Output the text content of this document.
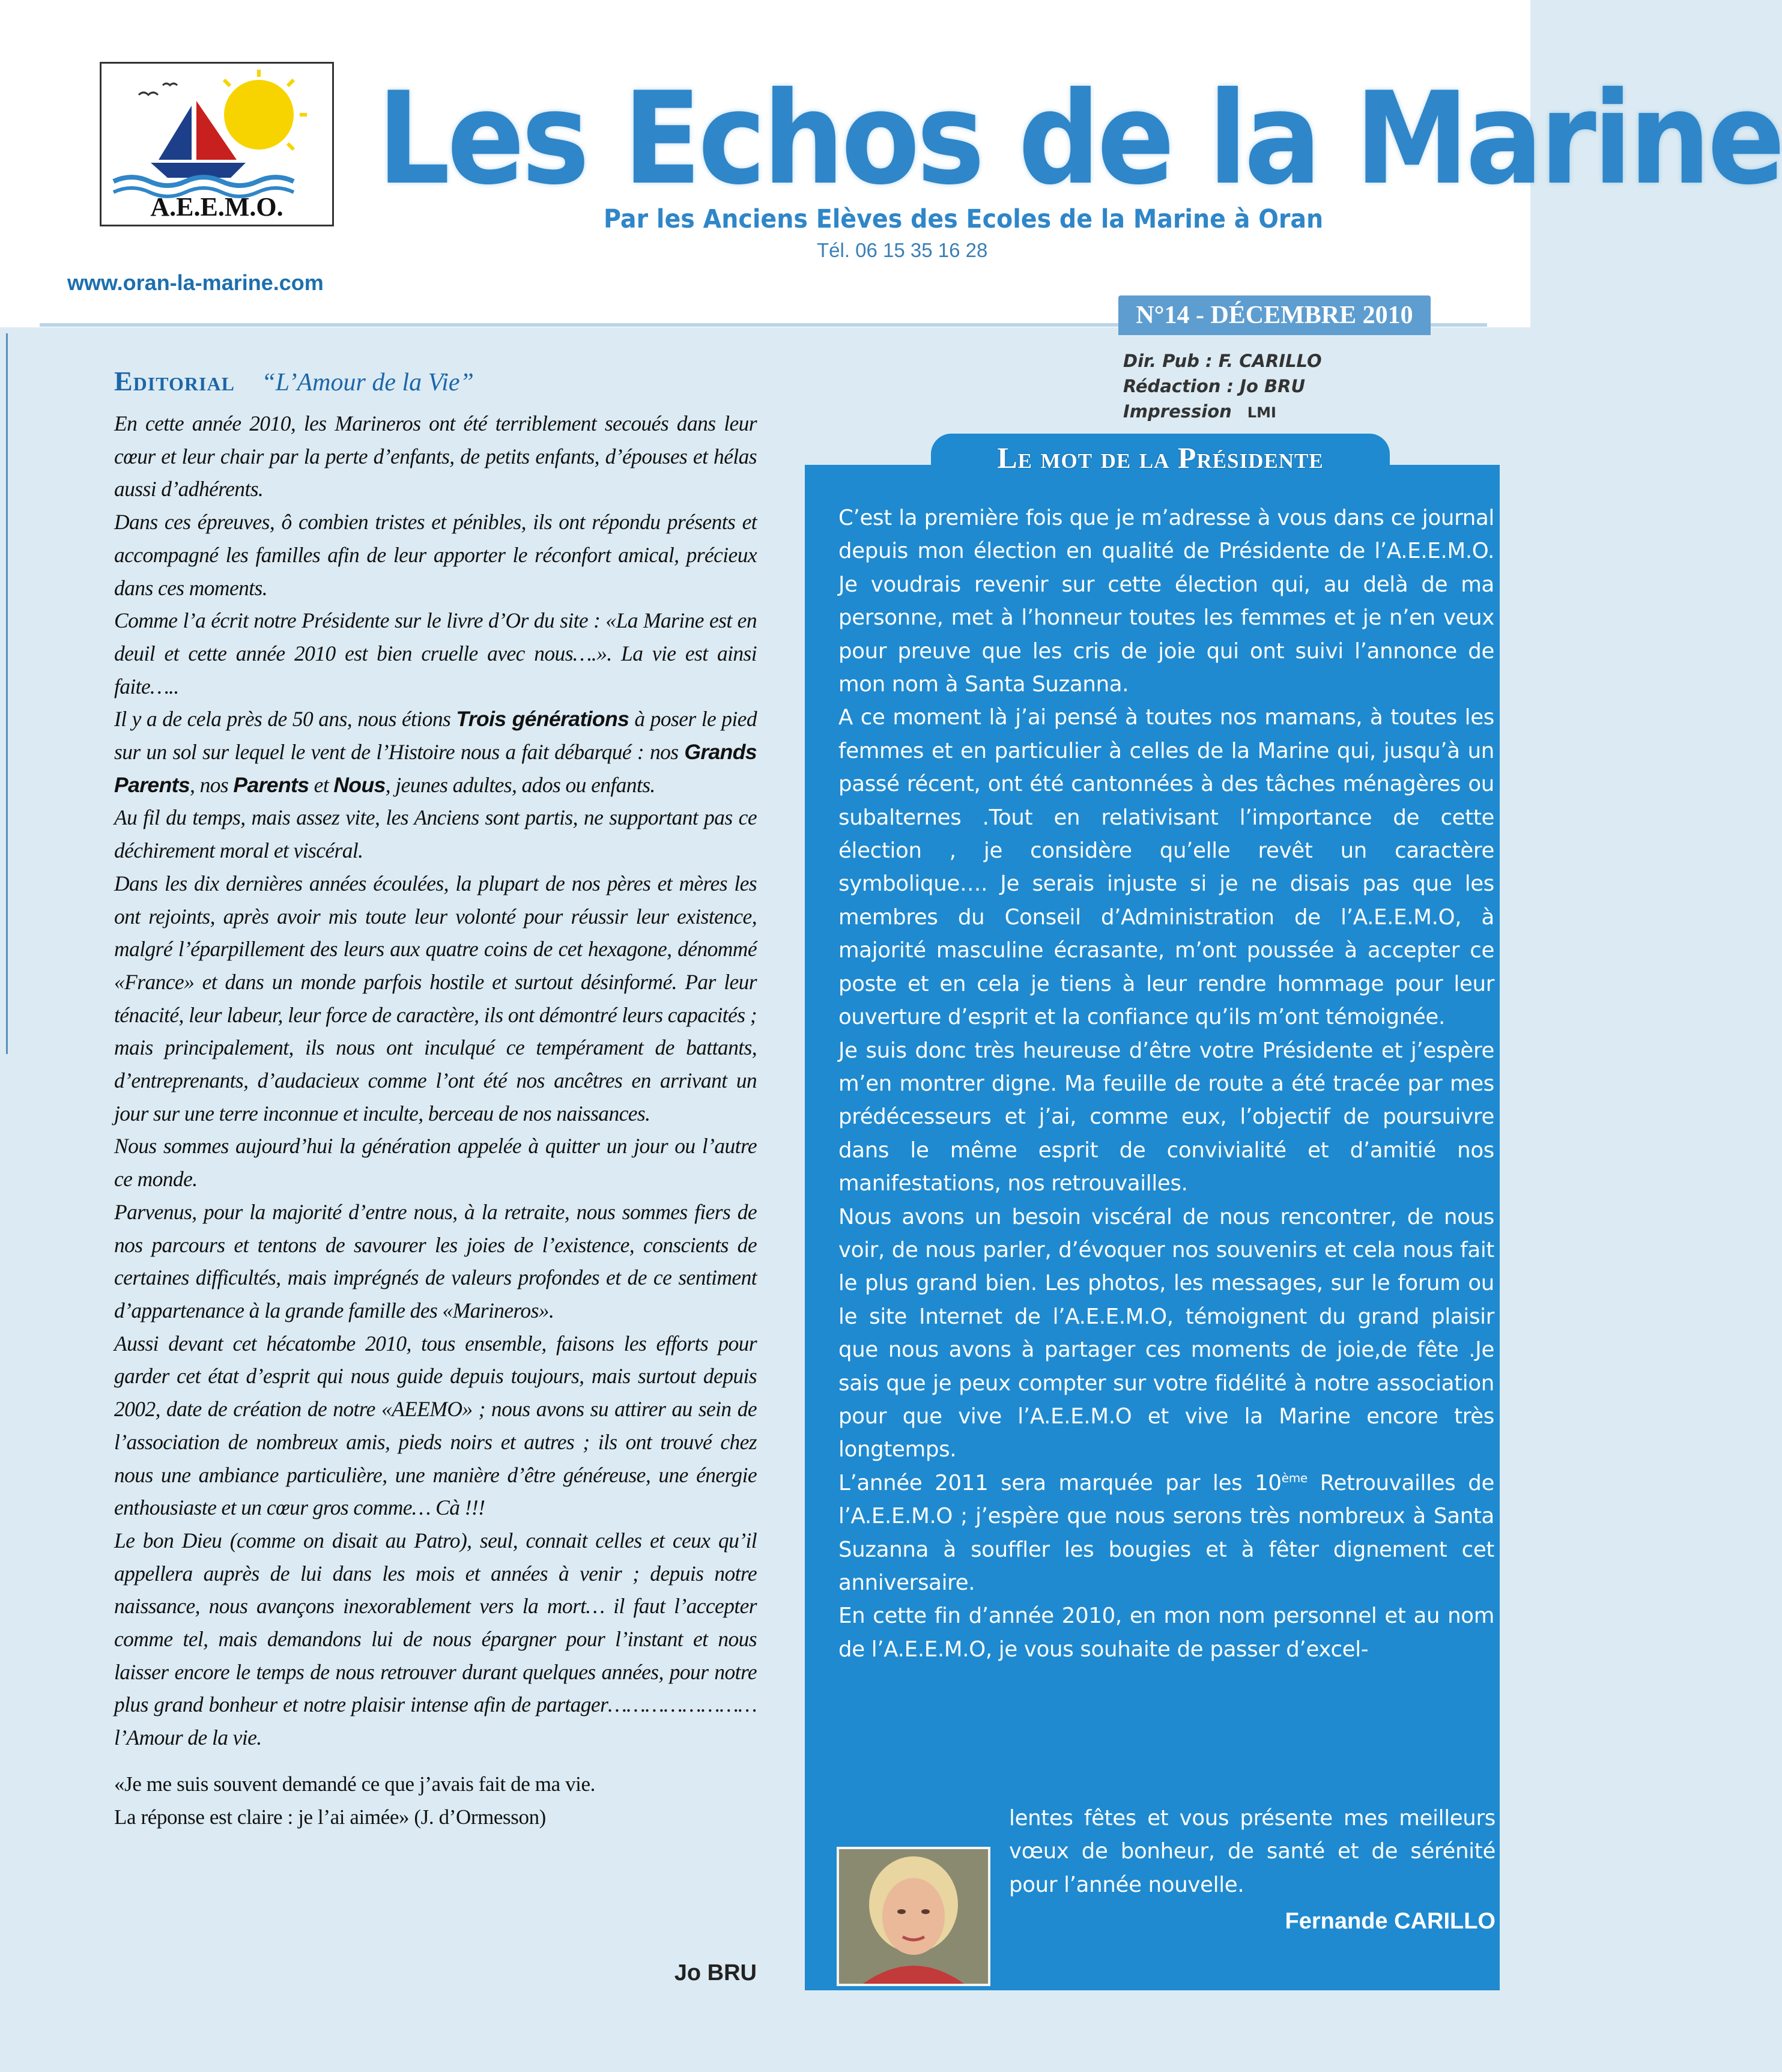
A.E.E.M.O. Les Echos de la Marine
Par les Anciens Elèves des Ecoles de la Marine à Oran
Tél. 06 15 35 16 28
www.oran-la-marine.com
N°14 - DÉCEMBRE 2010
Dir. Pub : F. CARILLO
Rédaction : Jo BRU
Impression LMI
Editorial “L’Amour de la Vie”

En cette année 2010, les Marineros ont été terriblement secoués dans leur cœur et leur chair par la perte d’enfants, de petits enfants, d’épouses et hélas aussi d’adhérents.

Dans ces épreuves, ô combien tristes et pénibles, ils ont répondu présents et accompagné les familles afin de leur apporter le réconfort amical, précieux dans ces moments.

Comme l’a écrit notre Présidente sur le livre d’Or du site : «La Marine est en deuil et cette année 2010 est bien cruelle avec nous….». La vie est ainsi faite…..

Il y a de cela près de 50 ans, nous étions Trois générations à poser le pied sur un sol sur lequel le vent de l’Histoire nous a fait débarqué : nos Grands Parents, nos Parents et Nous, jeunes adultes, ados ou enfants.

Au fil du temps, mais assez vite, les Anciens sont partis, ne supportant pas ce déchirement moral et viscéral.

Dans les dix dernières années écoulées, la plupart de nos pères et mères les ont rejoints, après avoir mis toute leur volonté pour réussir leur existence, malgré l’éparpillement des leurs aux quatre coins de cet hexagone, dénommé «France» et dans un monde parfois hostile et surtout désinformé. Par leur ténacité, leur labeur, leur force de caractère, ils ont démontré leurs capacités ; mais principalement, ils nous ont inculqué ce tempérament de battants, d’entreprenants, d’audacieux comme l’ont été nos ancêtres en arrivant un jour sur une terre inconnue et inculte, berceau de nos naissances.

Nous sommes aujourd’hui la génération appelée à quitter un jour ou l’autre ce monde.

Parvenus, pour la majorité d’entre nous, à la retraite, nous sommes fiers de nos parcours et tentons de savourer les joies de l’existence, conscients de certaines difficultés, mais imprégnés de valeurs profondes et de ce sentiment d’appartenance à la grande famille des «Marineros».

Aussi devant cet hécatombe 2010, tous ensemble, faisons les efforts pour garder cet état d’esprit qui nous guide depuis toujours, mais surtout depuis 2002, date de création de notre «AEEMO» ; nous avons su attirer au sein de l’association de nombreux amis, pieds noirs et autres ; ils ont trouvé chez nous une ambiance particulière, une manière d’être généreuse, une énergie enthousiaste et un cœur gros comme… Cà !!!

Le bon Dieu (comme on disait au Patro), seul, connait celles et ceux qu’il appellera auprès de lui dans les mois et années à venir ; depuis notre naissance, nous avançons inexorablement vers la mort… il faut l’accepter comme tel, mais demandons lui de nous épargner pour l’instant et nous laisser encore le temps de nous retrouver durant quelques années, pour notre plus grand bonheur et notre plaisir intense afin de partager…………………… l’Amour de la vie.

«Je me suis souvent demandé ce que j’avais fait de ma vie.

La réponse est claire : je l’ai aimée» (J. d’Ormesson)

Jo BRU
Le mot de la Présidente

C’est la première fois que je m’adresse à vous dans ce journal depuis mon élection en qualité de Présidente de l’A.E.E.M.O. Je voudrais revenir sur cette élection qui, au delà de ma personne, met à l’honneur toutes les femmes et je n’en veux pour preuve que les cris de joie qui ont suivi l’annonce de mon nom à Santa Suzanna.

A ce moment là j’ai pensé à toutes nos mamans, à toutes les femmes et en particulier à celles de la Marine qui, jusqu’à un passé récent, ont été cantonnées à des tâches ménagères ou subalternes .Tout en relativisant l’importance de cette élection , je considère qu’elle revêt un caractère symbolique…. Je serais injuste si je ne disais pas que les membres du Conseil d’Administration de l’A.E.E.M.O, à majorité masculine écrasante, m’ont poussée à accepter ce poste et en cela je tiens à leur rendre hommage pour leur ouverture d’esprit et la confiance qu’ils m’ont témoignée.

Je suis donc très heureuse d’être votre Présidente et j’espère m’en montrer digne. Ma feuille de route a été tracée par mes prédécesseurs et j’ai, comme eux, l’objectif de poursuivre dans le même esprit de convivialité et d’amitié nos manifestations, nos retrouvailles.

Nous avons un besoin viscéral de nous rencontrer, de nous voir, de nous parler, d’évoquer nos souvenirs et cela nous fait le plus grand bien. Les photos, les messages, sur le forum ou le site Internet de l’A.E.E.M.O, témoignent du grand plaisir que nous avons à partager ces moments de joie,de fête .Je sais que je peux compter sur votre fidélité à notre association pour que vive l’A.E.E.M.O et vive la Marine encore très longtemps.

L’année 2011 sera marquée par les 10ème Retrouvailles de l’A.E.E.M.O ; j’espère que nous serons très nombreux à Santa Suzanna à souffler les bougies et à fêter dignement cet anniversaire.

En cette fin d’année 2010, en mon nom personnel et au nom de l’A.E.E.M.O, je vous souhaite de passer d’excel-

lentes fêtes et vous présente mes meilleurs vœux de bonheur, de santé et de sérénité pour l’année nouvelle.

Fernande CARILLO
